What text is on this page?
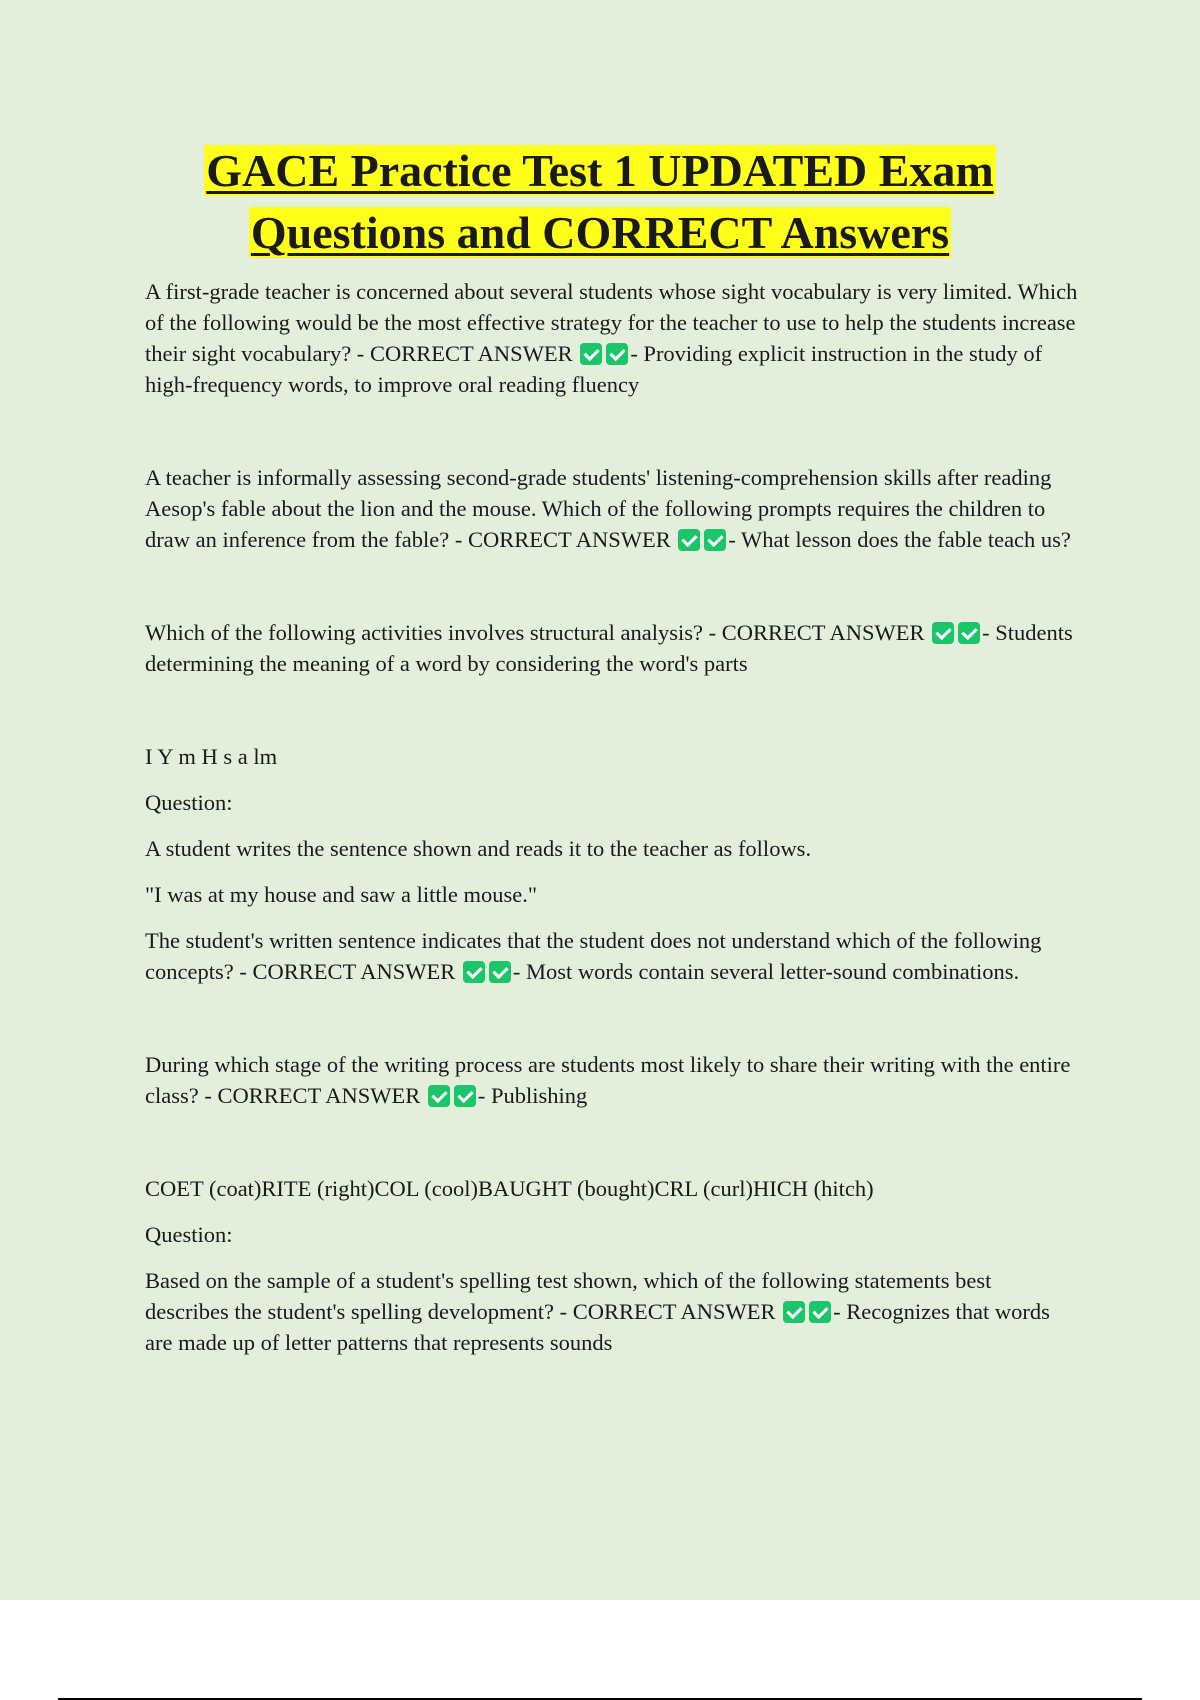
GACE Practice Test 1 UPDATED Exam
Questions and CORRECT Answers

A first-grade teacher is concerned about several students whose sight vocabulary is very limited. Which of the following would be the most effective strategy for the teacher to use to help the students increase their sight vocabulary? - CORRECT ANSWER	- Providing explicit instruction in the study of high-frequency words, to improve oral reading fluency

A teacher is informally assessing second-grade students' listening-comprehension skills after reading Aesop's fable about the lion and the mouse. Which of the following prompts requires the children to draw an inference from the fable? - CORRECT ANSWER	- What lesson does the fable teach us?

Which of the following activities involves structural analysis? - CORRECT ANSWER	- Students determining the meaning of a word by considering the word's parts

I Y m H s a lm

Question:

A student writes the sentence shown and reads it to the teacher as follows.

"I was at my house and saw a little mouse."

The student's written sentence indicates that the student does not understand which of the following concepts? - CORRECT ANSWER	- Most words contain several letter-sound combinations.

During which stage of the writing process are students most likely to share their writing with the entire class? - CORRECT ANSWER	- Publishing

COET (coat)RITE (right)COL (cool)BAUGHT (bought)CRL (curl)HICH (hitch)

Question:

Based on the sample of a student's spelling test shown, which of the following statements best describes the student's spelling development? - CORRECT ANSWER	- Recognizes that words are made up of letter patterns that represents sounds
